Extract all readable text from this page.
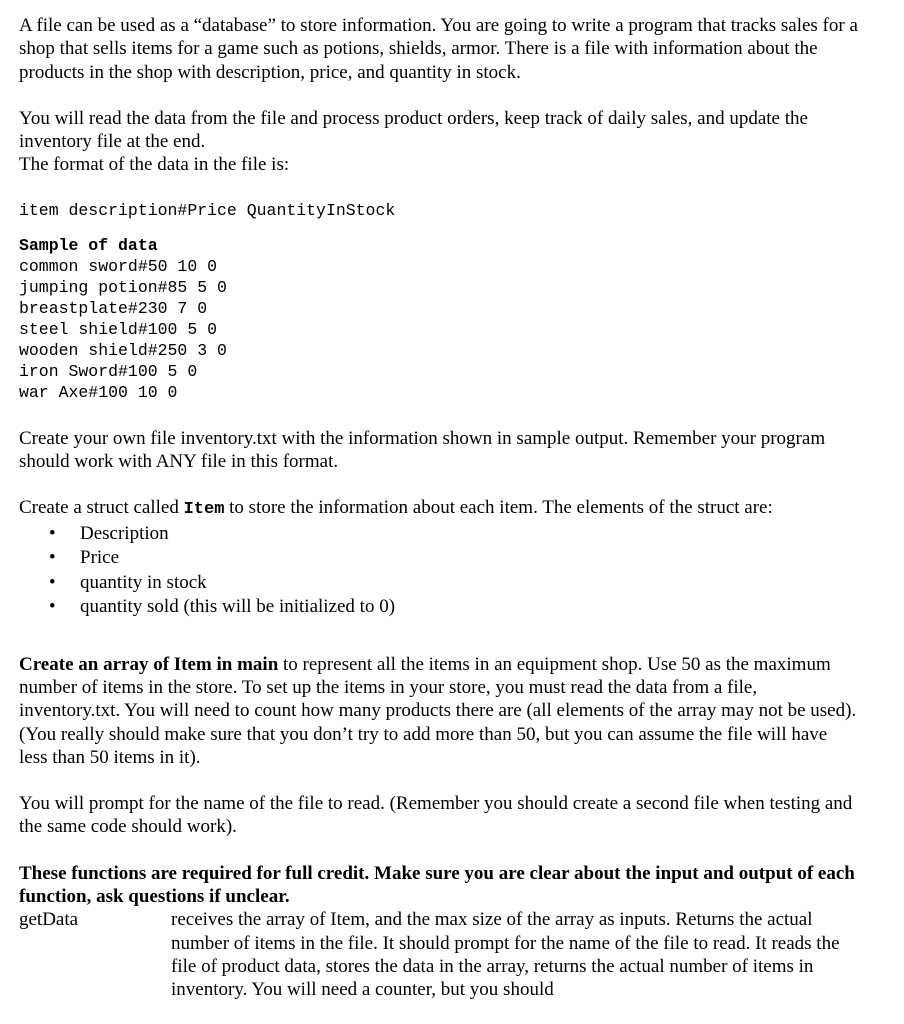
A file can be used as a “database” to store information. You are going to write a program that tracks sales for a shop that sells items for a game such as potions, shields, armor. There is a file with information about the products in the shop with description, price, and quantity in stock.

You will read the data from the file and process product orders, keep track of daily sales, and update the inventory file at the end.

The format of the data in the file is:

item description#Price QuantityInStock

Sample of data

common sword#50 10 0

jumping potion#85 5 0

breastplate#230 7 0

steel shield#100 5 0

wooden shield#250 3 0

iron Sword#100 5 0

war Axe#100 10 0

Create your own file inventory.txt with the information shown in sample output. Remember your program should work with ANY file in this format.

Create a struct called Item to store the information about each item. The elements of the struct are:

• Description
• Price
• quantity in stock
• quantity sold (this will be initialized to 0)

Create an array of Item in main to represent all the items in an equipment shop. Use 50 as the maximum number of items in the store. To set up the items in your store, you must read the data from a file, inventory.txt. You will need to count how many products there are (all elements of the array may not be used). (You really should make sure that you don’t try to add more than 50, but you can assume the file will have less than 50 items in it).

You will prompt for the name of the file to read. (Remember you should create a second file when testing and the same code should work).

These functions are required for full credit. Make sure you are clear about the input and output of each function, ask questions if unclear.

getData	receives the array of Item, and the max size of the array as inputs. Returns the actual number of items in the file. It should prompt for the name of the file to read. It reads the file of product data, stores the data in the array, returns the actual number of items in inventory. You will need a counter, but you should
